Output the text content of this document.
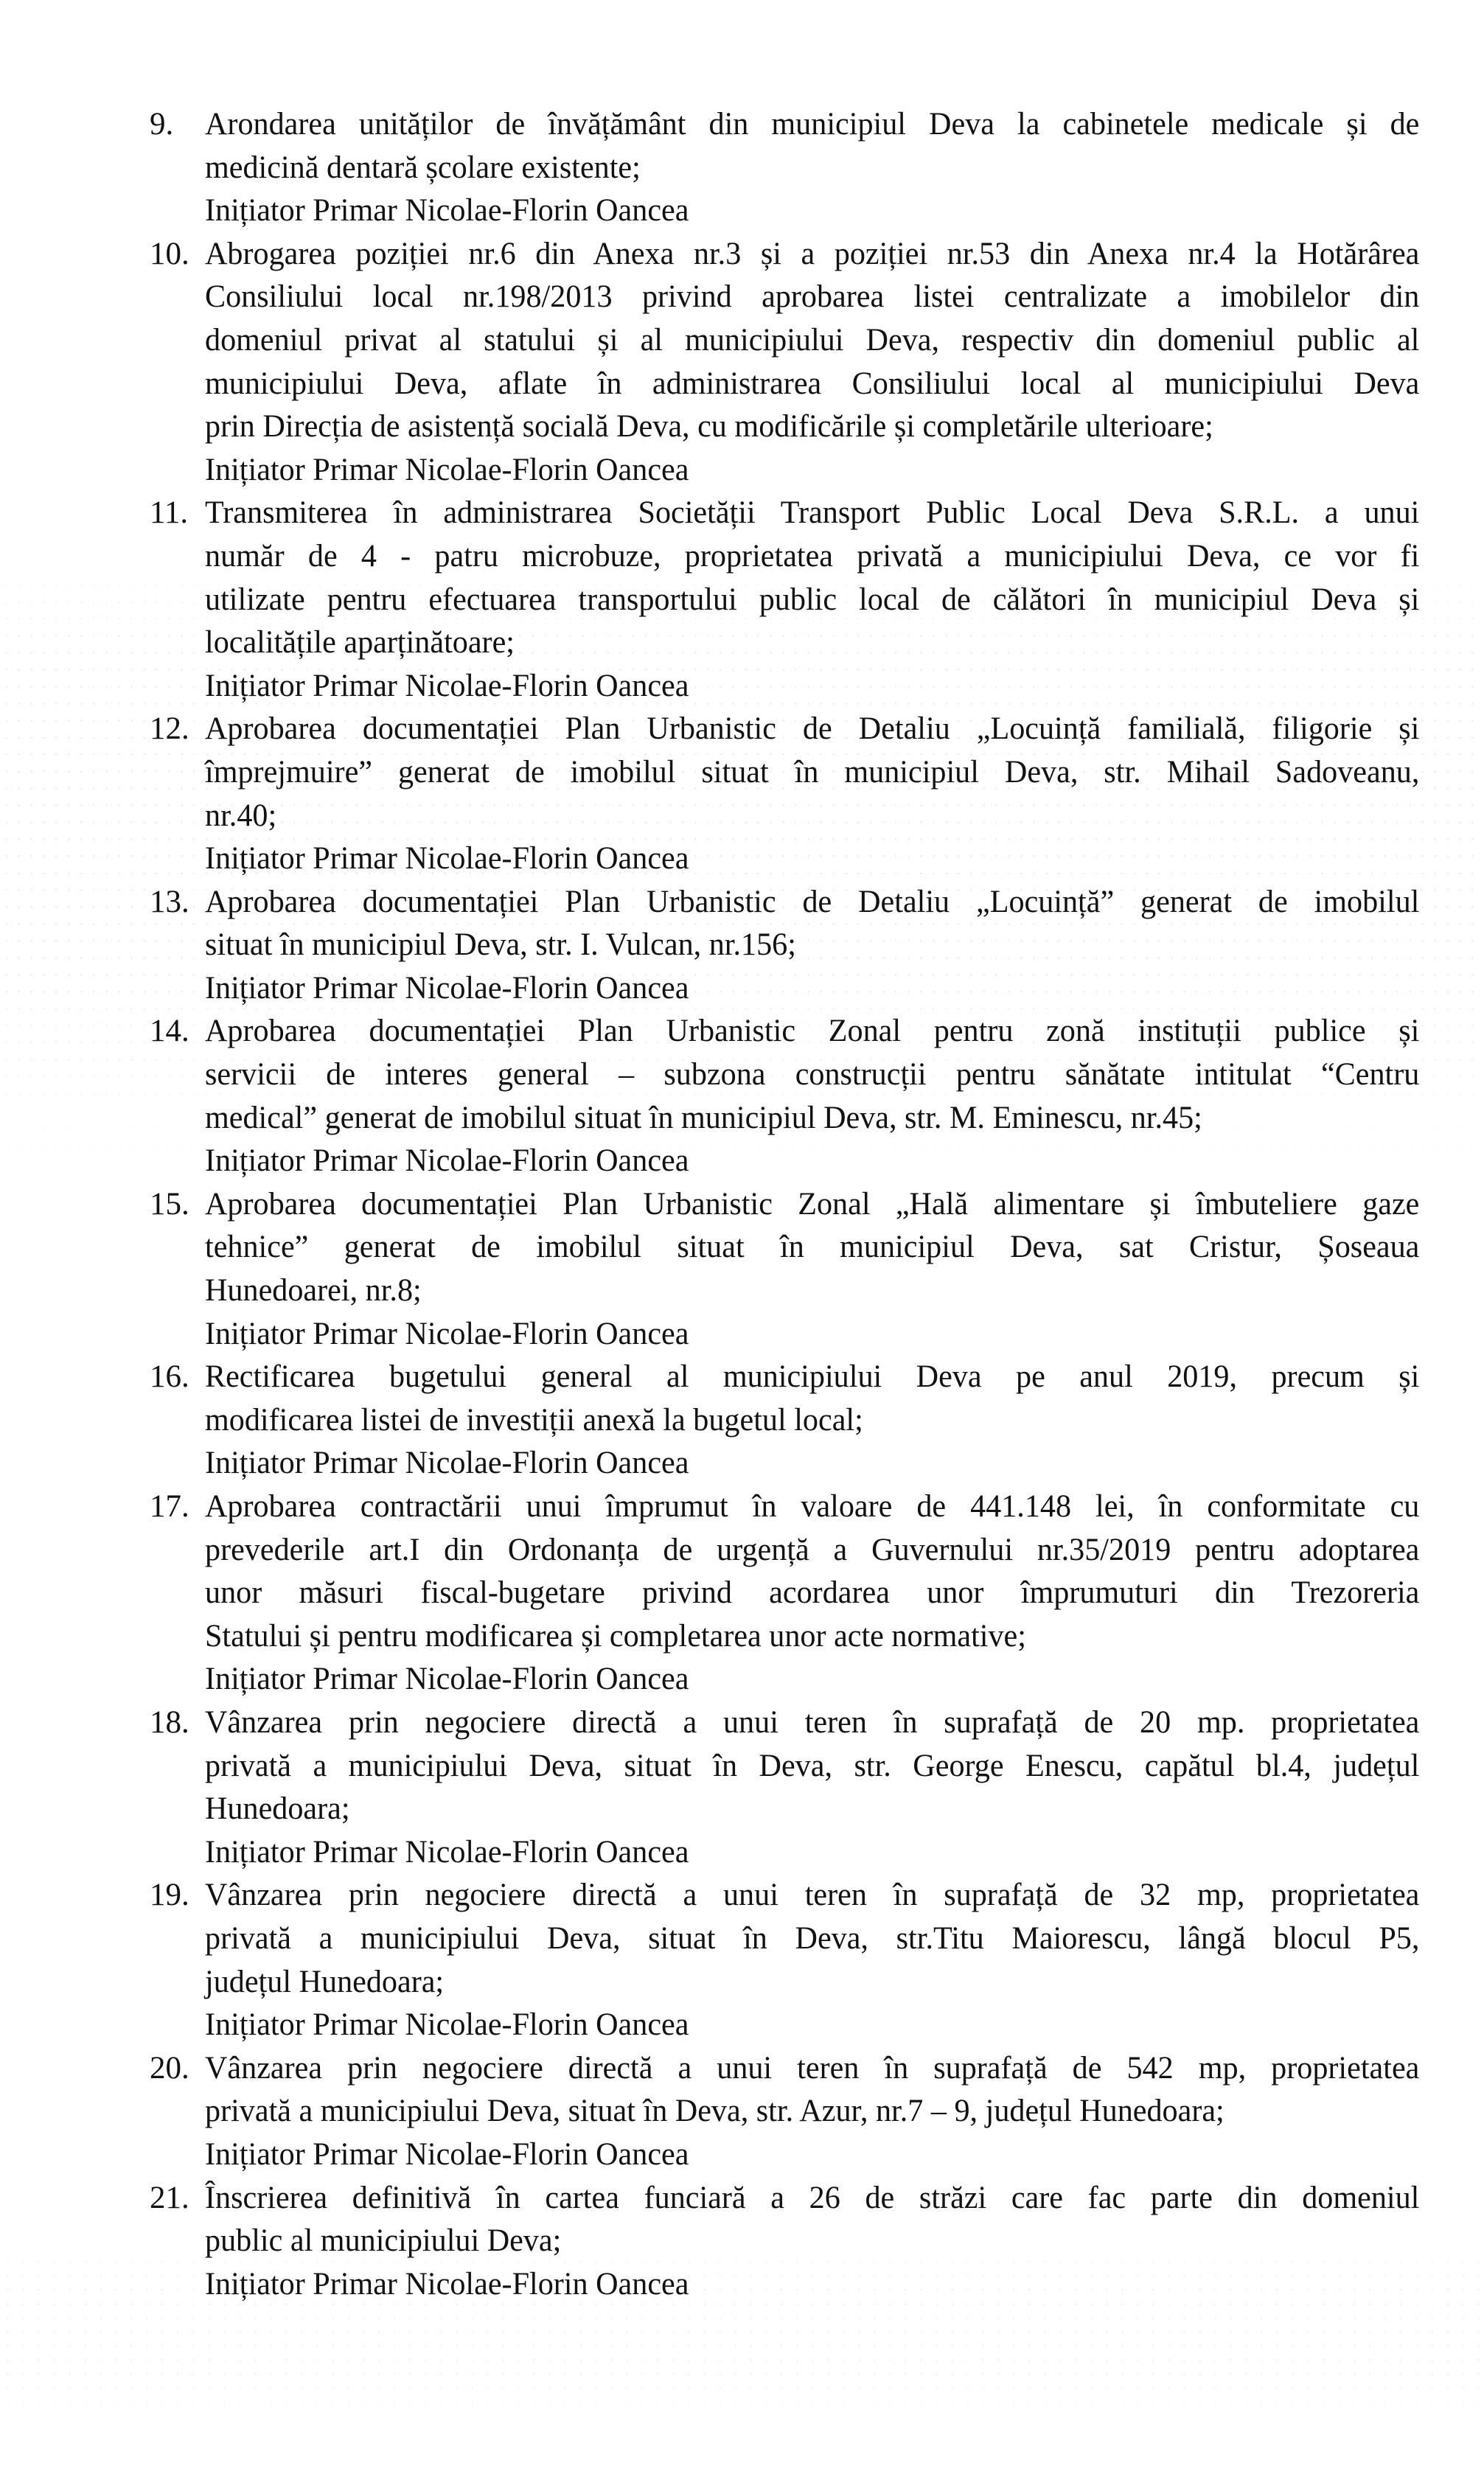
9. Arondarea unităților de învățământ din municipiul Deva la cabinetele medicale și de
medicină dentară școlare existente;
Inițiator Primar Nicolae-Florin Oancea
10. Abrogarea poziției nr.6 din Anexa nr.3 și a poziției nr.53 din Anexa nr.4 la Hotărârea
Consiliului local nr.198/2013 privind aprobarea listei centralizate a imobilelor din
domeniul privat al statului și al municipiului Deva, respectiv din domeniul public al
municipiului Deva, aflate în administrarea Consiliului local al municipiului Deva
prin Direcția de asistență socială Deva, cu modificările și completările ulterioare;
Inițiator Primar Nicolae-Florin Oancea
11. Transmiterea în administrarea Societății Transport Public Local Deva S.R.L. a unui
număr de 4 - patru microbuze, proprietatea privată a municipiului Deva, ce vor fi
utilizate pentru efectuarea transportului public local de călători în municipiul Deva și
localitățile aparținătoare;
Inițiator Primar Nicolae-Florin Oancea
12. Aprobarea documentației Plan Urbanistic de Detaliu „Locuință familială, filigorie și
împrejmuire” generat de imobilul situat în municipiul Deva, str. Mihail Sadoveanu,
nr.40;
Inițiator Primar Nicolae-Florin Oancea
13. Aprobarea documentației Plan Urbanistic de Detaliu „Locuință” generat de imobilul
situat în municipiul Deva, str. I. Vulcan, nr.156;
Inițiator Primar Nicolae-Florin Oancea
14. Aprobarea documentației Plan Urbanistic Zonal pentru zonă instituții publice și
servicii de interes general – subzona construcții pentru sănătate intitulat “Centru
medical” generat de imobilul situat în municipiul Deva, str. M. Eminescu, nr.45;
Inițiator Primar Nicolae-Florin Oancea
15. Aprobarea documentației Plan Urbanistic Zonal „Hală alimentare și îmbuteliere gaze
tehnice” generat de imobilul situat în municipiul Deva, sat Cristur, Șoseaua
Hunedoarei, nr.8;
Inițiator Primar Nicolae-Florin Oancea
16. Rectificarea bugetului general al municipiului Deva pe anul 2019, precum și
modificarea listei de investiții anexă la bugetul local;
Inițiator Primar Nicolae-Florin Oancea
17. Aprobarea contractării unui împrumut în valoare de 441.148 lei, în conformitate cu
prevederile art.I din Ordonanța de urgență a Guvernului nr.35/2019 pentru adoptarea
unor măsuri fiscal-bugetare privind acordarea unor împrumuturi din Trezoreria
Statului și pentru modificarea și completarea unor acte normative;
Inițiator Primar Nicolae-Florin Oancea
18. Vânzarea prin negociere directă a unui teren în suprafață de 20 mp. proprietatea
privată a municipiului Deva, situat în Deva, str. George Enescu, capătul bl.4, județul
Hunedoara;
Inițiator Primar Nicolae-Florin Oancea
19. Vânzarea prin negociere directă a unui teren în suprafață de 32 mp, proprietatea
privată a municipiului Deva, situat în Deva, str.Titu Maiorescu, lângă blocul P5,
județul Hunedoara;
Inițiator Primar Nicolae-Florin Oancea
20. Vânzarea prin negociere directă a unui teren în suprafață de 542 mp, proprietatea
privată a municipiului Deva, situat în Deva, str. Azur, nr.7 – 9, județul Hunedoara;
Inițiator Primar Nicolae-Florin Oancea
21. Înscrierea definitivă în cartea funciară a 26 de străzi care fac parte din domeniul
public al municipiului Deva;
Inițiator Primar Nicolae-Florin Oancea
